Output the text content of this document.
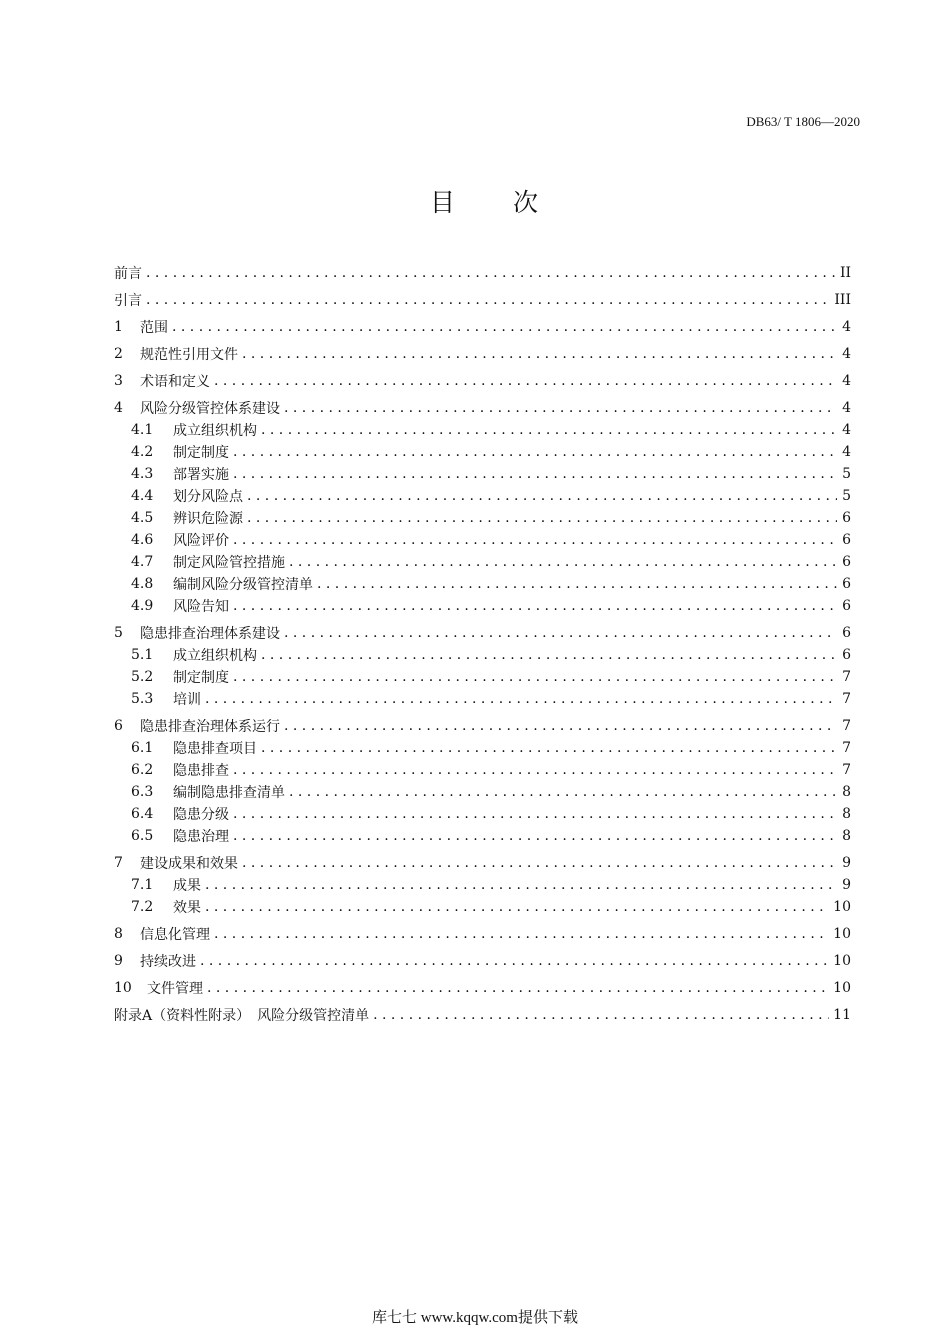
DB63/ T 1806—2020
目次
前言 . . .	II
引言 . . .	III
1	范围 . . .	4
2	规范性引用文件 . . .	4
3	术语和定义 . . .	4
4	风险分级管控体系建设 . . .	4
4.1	成立组织机构 . . .	4
4.2	制定制度 . . .	4
4.3	部署实施 . . .	5
4.4	划分风险点 . . .	5
4.5	辨识危险源 . . .	6
4.6	风险评价 . . .	6
4.7	制定风险管控措施 . . .	6
4.8	编制风险分级管控清单 . . .	6
4.9	风险告知 . . .	6
5	隐患排查治理体系建设 . . .	6
5.1	成立组织机构 . . .	6
5.2	制定制度 . . .	7
5.3	培训 . . .	7
6	隐患排查治理体系运行 . . .	7
6.1	隐患排查项目 . . .	7
6.2	隐患排查 . . .	7
6.3	编制隐患排查清单 . . .	8
6.4	隐患分级 . . .	8
6.5	隐患治理 . . .	8
7	建设成果和效果 . . .	9
7.1	成果 . . .	9
7.2	效果 . . .	10
8	信息化管理 . . .	10
9	持续改进 . . .	10
10	文件管理 . . .	10
附录A（资料性附录）　风险分级管控清单 . . .	11
库七七 www.kqqw.com提供下载
